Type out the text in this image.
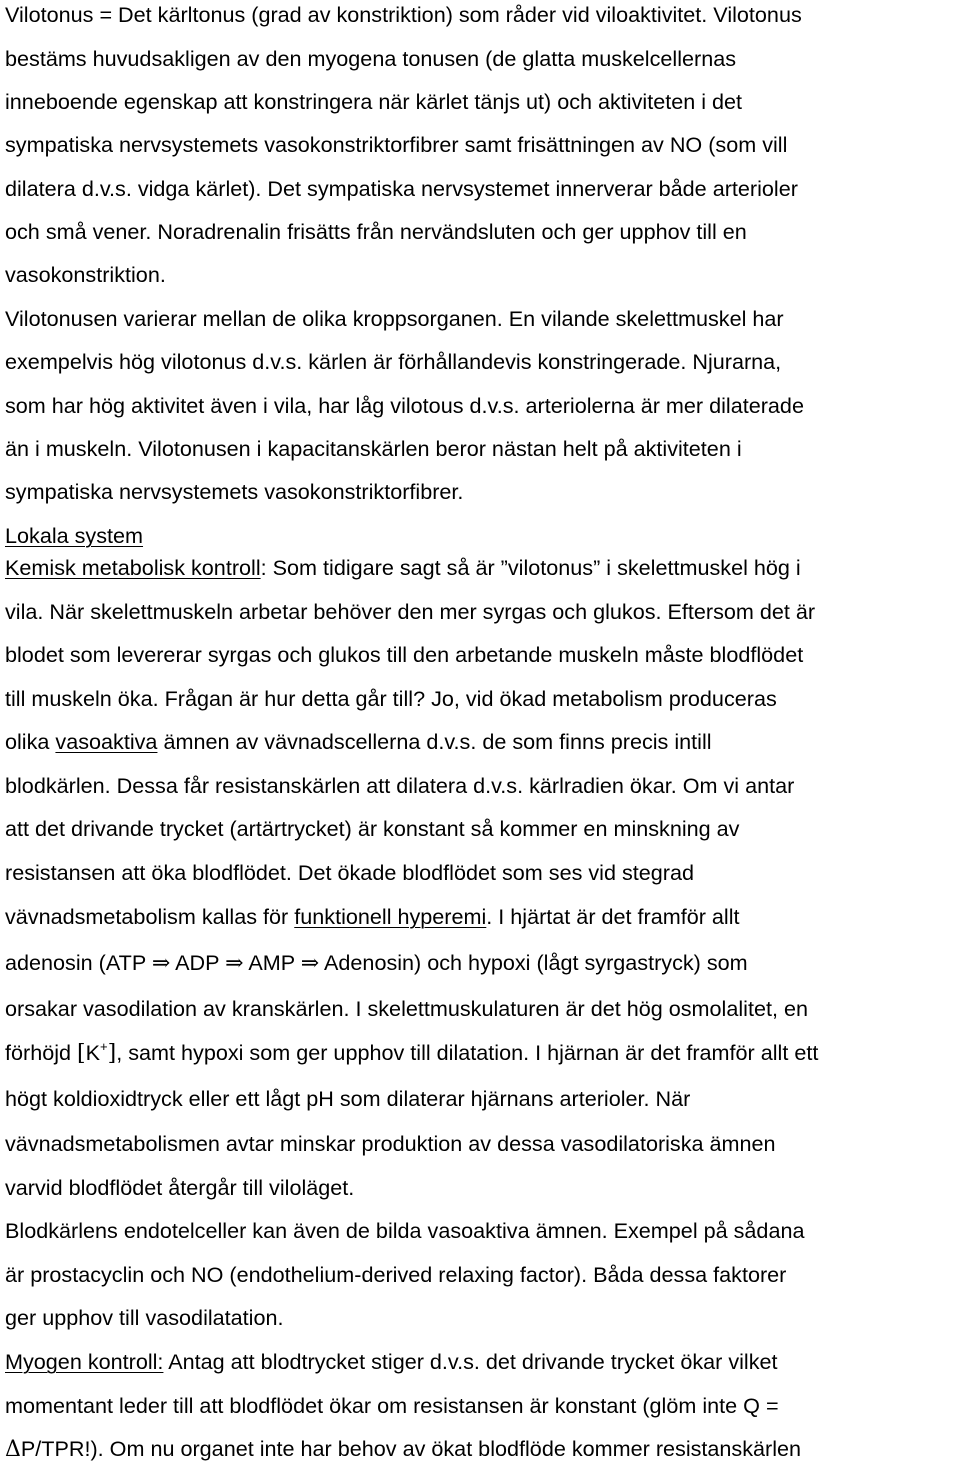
Vilotonus = Det kärltonus (grad av konstriktion) som råder vid viloaktivitet. Vilotonus
bestäms huvudsakligen av den myogena tonusen (de glatta muskelcellernas
inneboende egenskap att konstringera när kärlet tänjs ut) och aktiviteten i det
sympatiska nervsystemets vasokonstriktorfibrer samt frisättningen av NO (som vill
dilatera d.v.s. vidga kärlet). Det sympatiska nervsystemet innerverar både arterioler
och små vener. Noradrenalin frisätts från nervändsluten och ger upphov till en
vasokonstriktion.
Vilotonusen varierar mellan de olika kroppsorganen. En vilande skelettmuskel har
exempelvis hög vilotonus d.v.s. kärlen är förhållandevis konstringerade. Njurarna,
som har hög aktivitet även i vila, har låg vilotous d.v.s. arteriolerna är mer dilaterade
än i muskeln. Vilotonusen i kapacitanskärlen beror nästan helt på aktiviteten i
sympatiska nervsystemets vasokonstriktorfibrer.
Lokala system
Kemisk metabolisk kontroll: Som tidigare sagt så är ”vilotonus” i skelettmuskel hög i
vila. När skelettmuskeln arbetar behöver den mer syrgas och glukos. Eftersom det är
blodet som levererar syrgas och glukos till den arbetande muskeln måste blodflödet
till muskeln öka. Frågan är hur detta går till? Jo, vid ökad metabolism produceras
olika vasoaktiva ämnen av vävnadscellerna d.v.s. de som finns precis intill
blodkärlen. Dessa får resistanskärlen att dilatera d.v.s. kärlradien ökar. Om vi antar
att det drivande trycket (artärtrycket) är konstant så kommer en minskning av
resistansen att öka blodflödet. Det ökade blodflödet som ses vid stegrad
vävnadsmetabolism kallas för funktionell hyperemi. I hjärtat är det framför allt
adenosin (ATP ⇒ ADP ⇒ AMP ⇒ Adenosin) och hypoxi (lågt syrgastryck) som
orsakar vasodilation av kranskärlen. I skelettmuskulaturen är det hög osmolalitet, en
förhöjd [K+], samt hypoxi som ger upphov till dilatation. I hjärnan är det framför allt ett
högt koldioxidtryck eller ett lågt pH som dilaterar hjärnans arterioler. När
vävnadsmetabolismen avtar minskar produktion av dessa vasodilatoriska ämnen
varvid blodflödet återgår till viloläget.
Blodkärlens endotelceller kan även de bilda vasoaktiva ämnen. Exempel på sådana
är prostacyclin och NO (endothelium-derived relaxing factor). Båda dessa faktorer
ger upphov till vasodilatation.
Myogen kontroll: Antag att blodtrycket stiger d.v.s. det drivande trycket ökar vilket
momentant leder till att blodflödet ökar om resistansen är konstant (glöm inte Q =
ΔP/TPR!). Om nu organet inte har behov av ökat blodflöde kommer resistanskärlen
